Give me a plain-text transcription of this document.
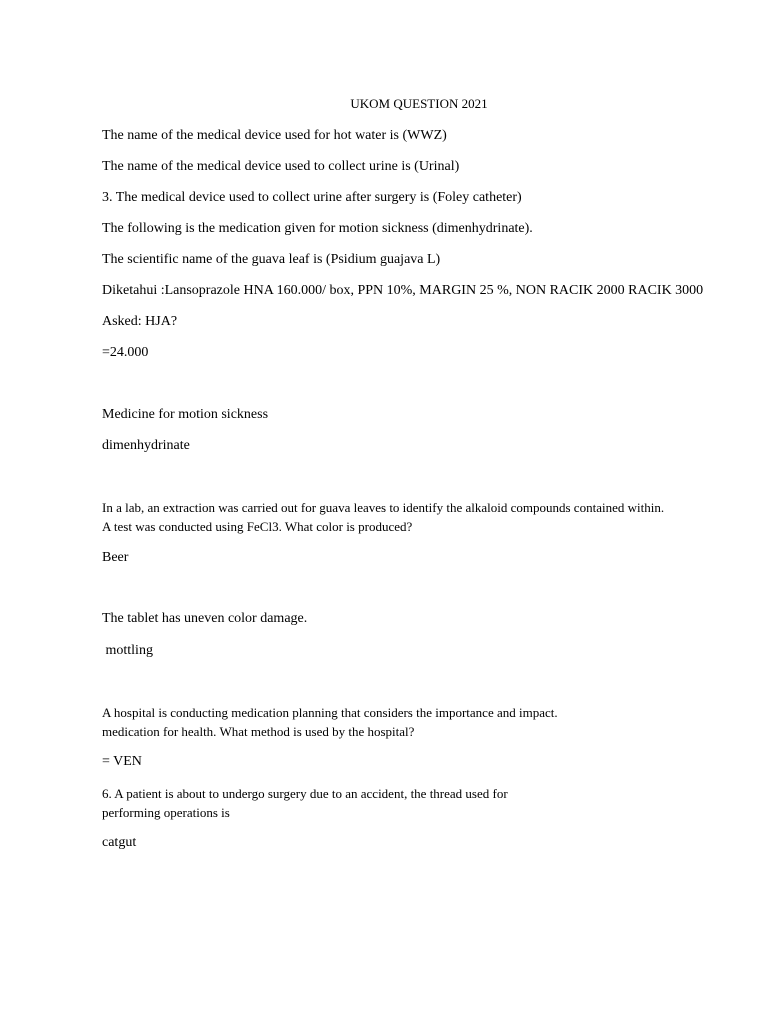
UKOM QUESTION 2021
The name of the medical device used for hot water is (WWZ)
The name of the medical device used to collect urine is (Urinal)
3. The medical device used to collect urine after surgery is (Foley catheter)
The following is the medication given for motion sickness (dimenhydrinate).
The scientific name of the guava leaf is (Psidium guajava L)
Diketahui :Lansoprazole HNA 160.000/ box, PPN 10%, MARGIN 25 %, NON RACIK 2000 RACIK 3000
Asked: HJA?
=24.000
Medicine for motion sickness
dimenhydrinate
In a lab, an extraction was carried out for guava leaves to identify the alkaloid compounds contained within.
A test was conducted using FeCl3. What color is produced?
Beer
The tablet has uneven color damage.
mottling
A hospital is conducting medication planning that considers the importance and impact.
medication for health. What method is used by the hospital?
= VEN
6. A patient is about to undergo surgery due to an accident, the thread used for
performing operations is
catgut
